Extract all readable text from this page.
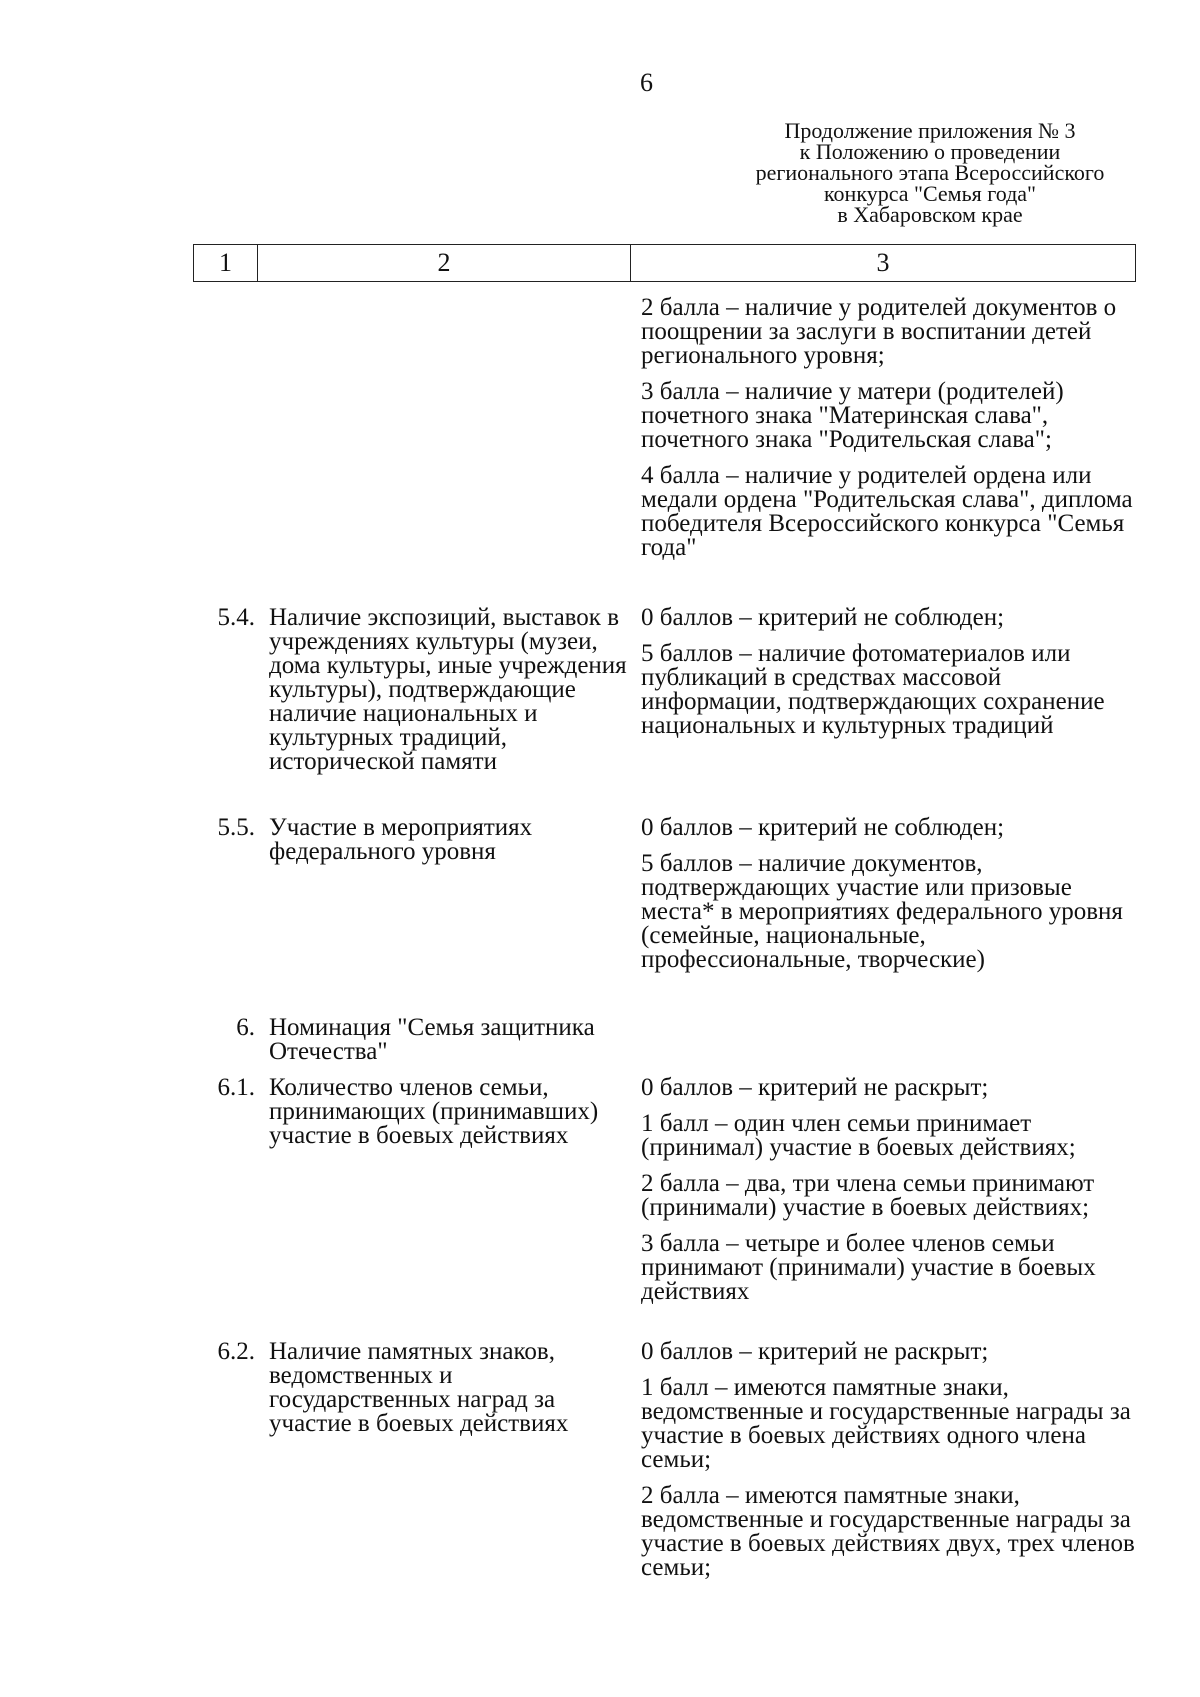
6
Продолжение приложения № 3
к Положению о проведении
регионального этапа Всероссийского
конкурса "Семья года"
в Хабаровском крае
1	2	3
2 балла – наличие у родителей документов о поощрении за заслуги в воспитании детей регионального уровня;
3 балла – наличие у матери (родителей) почетного знака "Материнская слава", почетного знака "Родительская слава";
4 балла – наличие у родителей ордена или медали ордена "Родительская слава", диплома победителя Всероссийского конкурса "Семья года"
5.4. Наличие экспозиций, выставок в учреждениях культуры (музеи, дома культуры, иные учреждения культуры), подтверждающие наличие национальных и культурных традиций, исторической памяти
0 баллов – критерий не соблюден;
5 баллов – наличие фотоматериалов или публикаций в средствах массовой информации, подтверждающих сохранение национальных и культурных традиций
5.5. Участие в мероприятиях федерального уровня
0 баллов – критерий не соблюден;
5 баллов – наличие документов, подтверждающих участие или призовые места* в мероприятиях федерального уровня (семейные, национальные, профессиональные, творческие)
6. Номинация "Семья защитника Отечества"
6.1. Количество членов семьи, принимающих (принимавших) участие в боевых действиях
0 баллов – критерий не раскрыт;
1 балл – один член семьи принимает (принимал) участие в боевых действиях;
2 балла – два, три члена семьи принимают (принимали) участие в боевых действиях;
3 балла – четыре и более членов семьи принимают (принимали) участие в боевых действиях
6.2. Наличие памятных знаков, ведомственных и государственных наград за участие в боевых действиях
0 баллов – критерий не раскрыт;
1 балл – имеются памятные знаки, ведомственные и государственные награды за участие в боевых действиях одного члена семьи;
2 балла – имеются памятные знаки, ведомственные и государственные награды за участие в боевых действиях двух, трех членов семьи;
